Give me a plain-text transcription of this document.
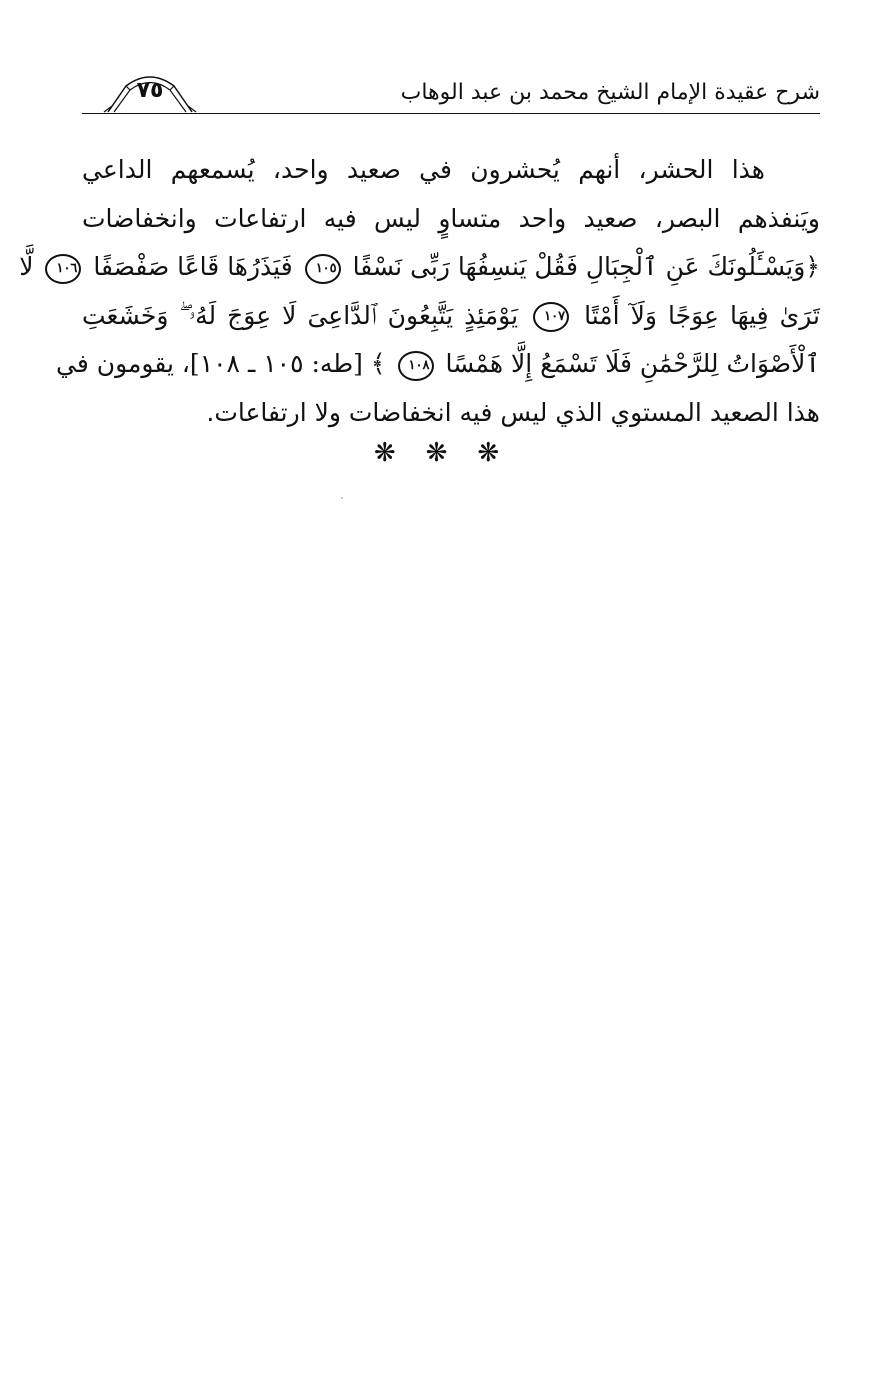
شرح عقيدة الإمام الشيخ محمد بن عبد الوهاب
٧٥
هذا الحشر، أنهم يُحشرون في صعيد واحد، يُسمعهم الداعي
ويَنفذهم البصر، صعيد واحد متساوٍ ليس فيه ارتفاعات وانخفاضات
﴿وَيَسْـَٔلُونَكَ عَنِ ٱلْجِبَالِ فَقُلْ يَنسِفُهَا رَبِّى نَسْفًا ١٠٥ فَيَذَرُهَا قَاعًا صَفْصَفًا ١٠٦ لَّا
تَرَىٰ فِيهَا عِوَجًا وَلَآ أَمْتًا ١٠٧ يَوْمَئِذٍ يَتَّبِعُونَ ٱلدَّاعِىَ لَا عِوَجَ لَهُۥ ۖ وَخَشَعَتِ
ٱلْأَصْوَاتُ لِلرَّحْمَٰنِ فَلَا تَسْمَعُ إِلَّا هَمْسًا ١٠٨ ﴾ [طه: ١٠٥ ـ ١٠٨]، يقومون في
هذا الصعيد المستوي الذي ليس فيه انخفاضات ولا ارتفاعات.
❋❋❋
